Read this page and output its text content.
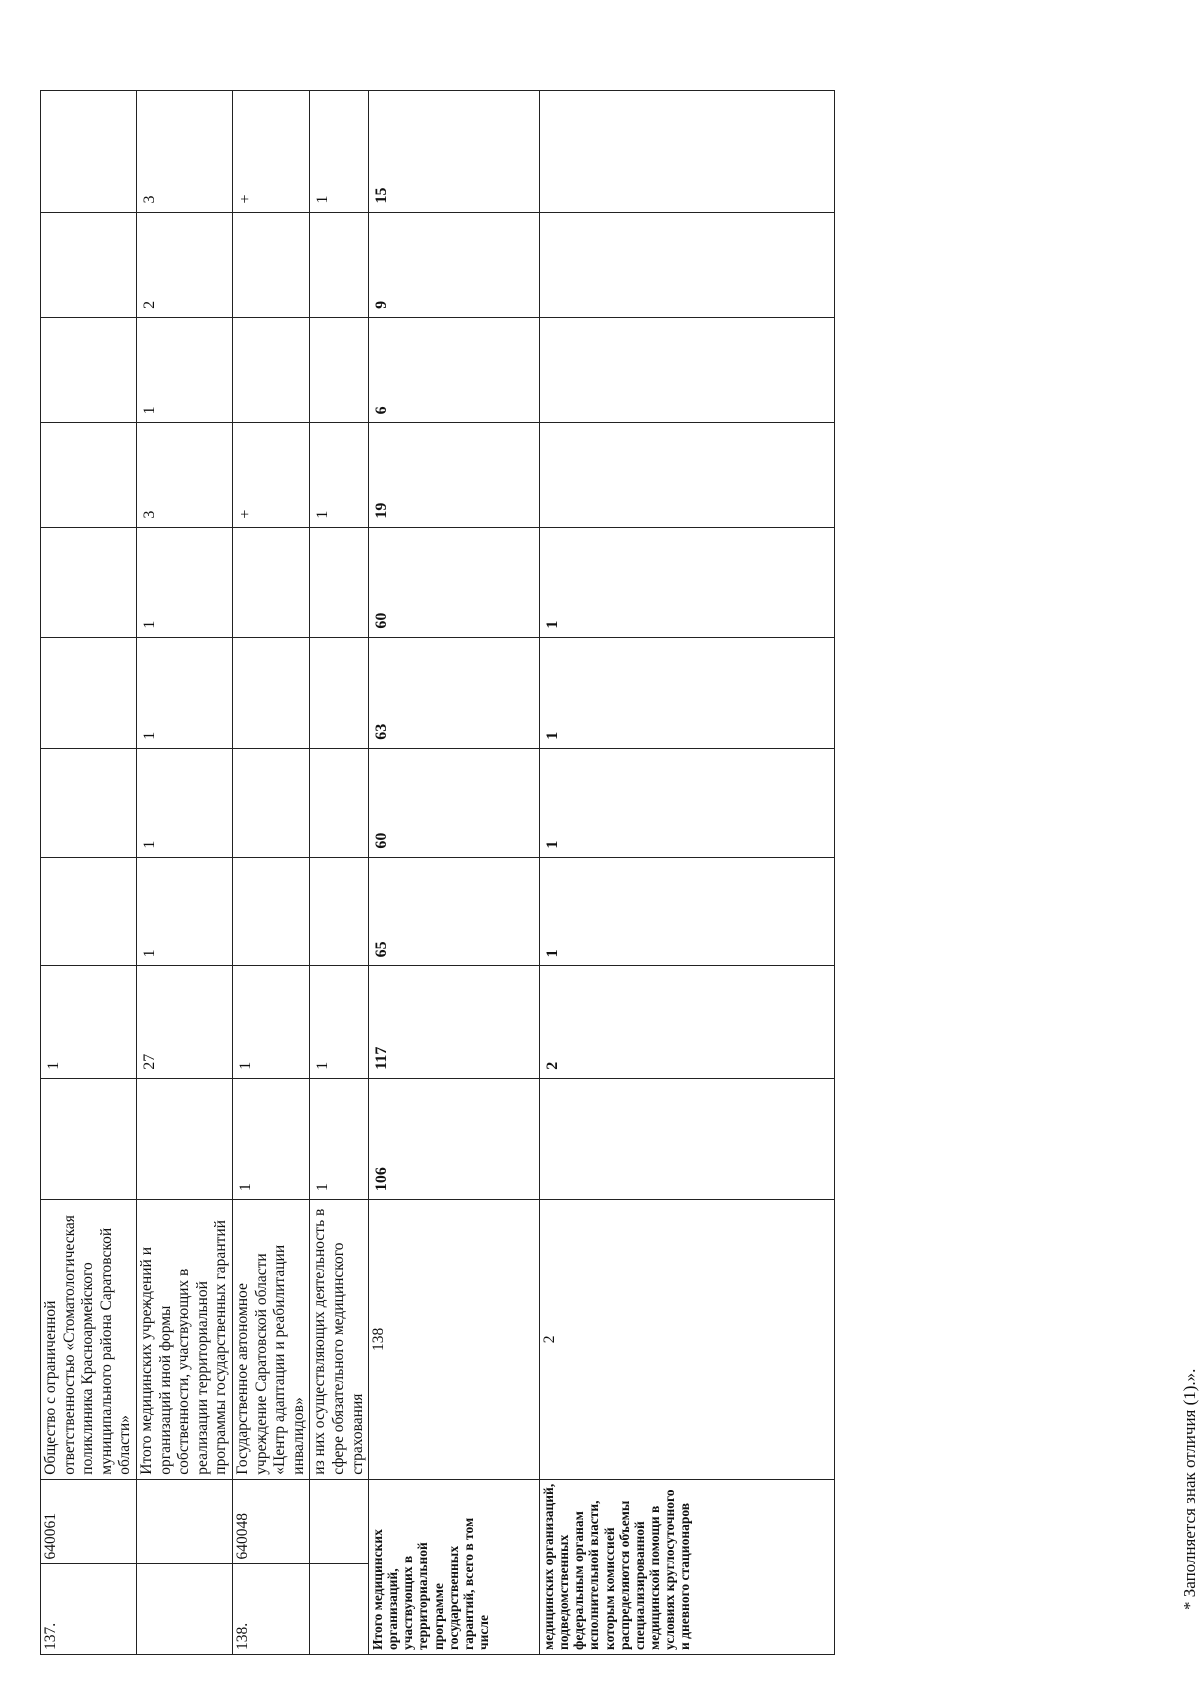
137.	640061	Общество с ограниченной ответственностью «Стоматологическая поликлиника Красноармейского муниципального района Саратовской области»		1								
		Итого медицинских учреждений и организаций иной формы собственности, участвующих в реализации территориальной программы государственных гарантий		27	1	1	1	1	3	1	2	3
138.	640048	Государственное автономное учреждение Саратовской области «Центр адаптации и реабилитации инвалидов»	1	1					+			+
		из них осуществляющих деятельность в сфере обязательного медицинского страхования	1	1					1			1
Итого медицинских организаций, участвующих в территориальной программе государственных гарантий, всего в том числе		138	106	117	65	60	63	60	19	6	9	15
медицинских организаций, подведомственных федеральным органам исполнительной власти, которым комиссией распределяются объемы специализированной медицинской помощи в условиях круглосуточного и дневного стационаров		2		2	1	1	1	1				

* Заполняется знак отличия (1).».
